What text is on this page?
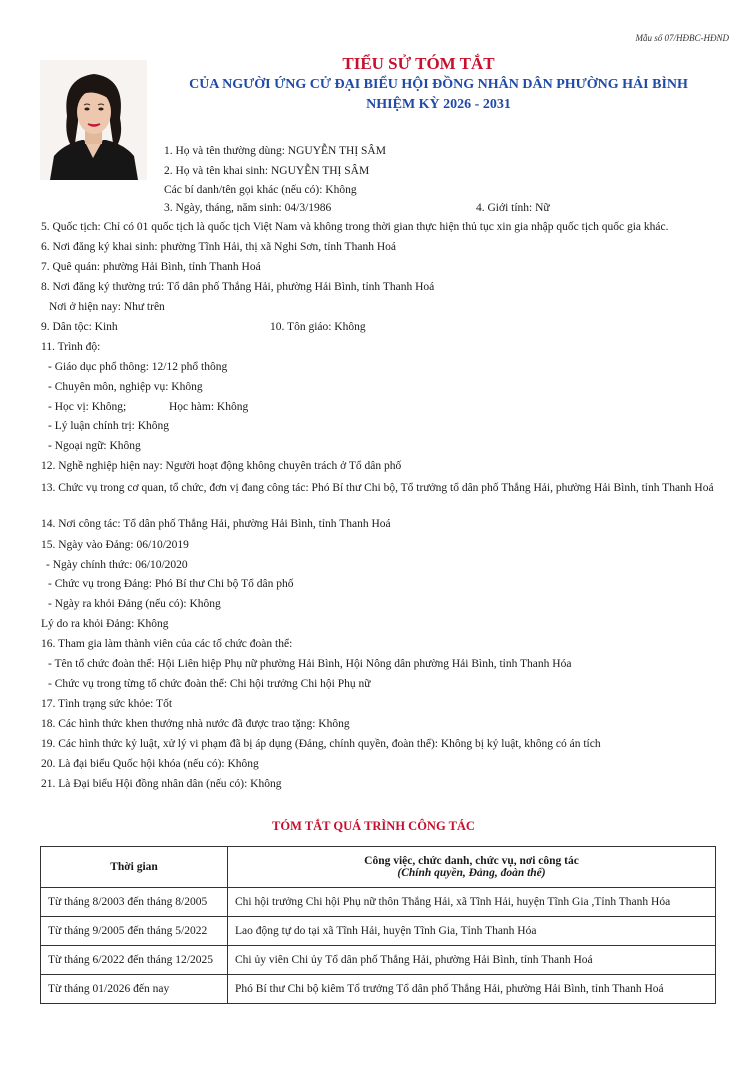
Mẫu số 07/HĐBC-HĐND
TIỂU SỬ TÓM TẮT
CỦA NGƯỜI ỨNG CỬ ĐẠI BIỂU HỘI ĐỒNG NHÂN DÂN PHƯỜNG HẢI BÌNH
NHIỆM KỲ 2026 - 2031
1. Họ và tên thường dùng: NGUYỄN THỊ SÂM
2. Họ và tên khai sinh: NGUYỄN THỊ SÂM
Các bí danh/tên gọi khác (nếu có): Không
3. Ngày, tháng, năm sinh: 04/3/1986	4. Giới tính: Nữ
5. Quốc tịch: Chỉ có 01 quốc tịch là quốc tịch Việt Nam và không trong thời gian thực hiện thủ tục xin gia nhập quốc tịch quốc gia khác.
6. Nơi đăng ký khai sinh: phường Tĩnh Hải, thị xã Nghi Sơn, tỉnh Thanh Hoá
7. Quê quán: phường Hải Bình, tỉnh Thanh Hoá
8. Nơi đăng ký thường trú: Tổ dân phố Thắng Hải, phường Hải Bình, tỉnh Thanh Hoá
Nơi ở hiện nay: Như trên
9. Dân tộc: Kinh	10. Tôn giáo: Không
11. Trình độ:
- Giáo dục phổ thông: 12/12 phổ thông
- Chuyên môn, nghiệp vụ: Không
- Học vị: Không;	Học hàm: Không
- Lý luận chính trị: Không
- Ngoại ngữ: Không
12. Nghề nghiệp hiện nay: Người hoạt động không chuyên trách ở Tổ dân phố
13. Chức vụ trong cơ quan, tổ chức, đơn vị đang công tác: Phó Bí thư Chi bộ, Tổ trưởng tổ dân phố Thắng Hải, phường Hải Bình, tỉnh Thanh Hoá
14. Nơi công tác: Tổ dân phố Thắng Hải, phường Hải Bình, tỉnh Thanh Hoá
15. Ngày vào Đảng: 06/10/2019
- Ngày chính thức: 06/10/2020
- Chức vụ trong Đảng: Phó Bí thư Chi bộ Tổ dân phố
- Ngày ra khỏi Đảng (nếu có): Không
Lý do ra khỏi Đảng: Không
16. Tham gia làm thành viên của các tổ chức đoàn thể:
- Tên tổ chức đoàn thể: Hội Liên hiệp Phụ nữ phường Hải Bình, Hội Nông dân phường Hải Bình, tỉnh Thanh Hóa
- Chức vụ trong từng tổ chức đoàn thể: Chi hội trưởng Chi hội Phụ nữ
17. Tình trạng sức khỏe: Tốt
18. Các hình thức khen thưởng nhà nước đã được trao tặng: Không
19. Các hình thức kỷ luật, xử lý vi phạm đã bị áp dụng (Đảng, chính quyền, đoàn thể): Không bị kỷ luật, không có án tích
20. Là đại biểu Quốc hội khóa (nếu có): Không
21. Là Đại biểu Hội đồng nhân dân (nếu có): Không
TÓM TẮT QUÁ TRÌNH CÔNG TÁC
Thời gian	Công việc, chức danh, chức vụ, nơi công tác
(Chính quyền, Đảng, đoàn thể)

Từ tháng 8/2003 đến tháng 8/2005	Chi hội trưởng Chi hội Phụ nữ thôn Thắng Hải, xã Tĩnh Hải, huyện Tĩnh Gia ,Tỉnh Thanh Hóa
Từ tháng 9/2005 đến tháng 5/2022	Lao động tự do tại xã Tĩnh Hải, huyện Tĩnh Gia, Tỉnh Thanh Hóa
Từ tháng 6/2022 đến tháng 12/2025	Chi ủy viên Chi ủy Tổ dân phố Thắng Hải, phường Hải Bình, tỉnh Thanh Hoá
Từ tháng 01/2026 đến nay	Phó Bí thư Chi bộ kiêm Tổ trưởng Tổ dân phố Thắng Hải, phường Hải Bình, tỉnh Thanh Hoá
